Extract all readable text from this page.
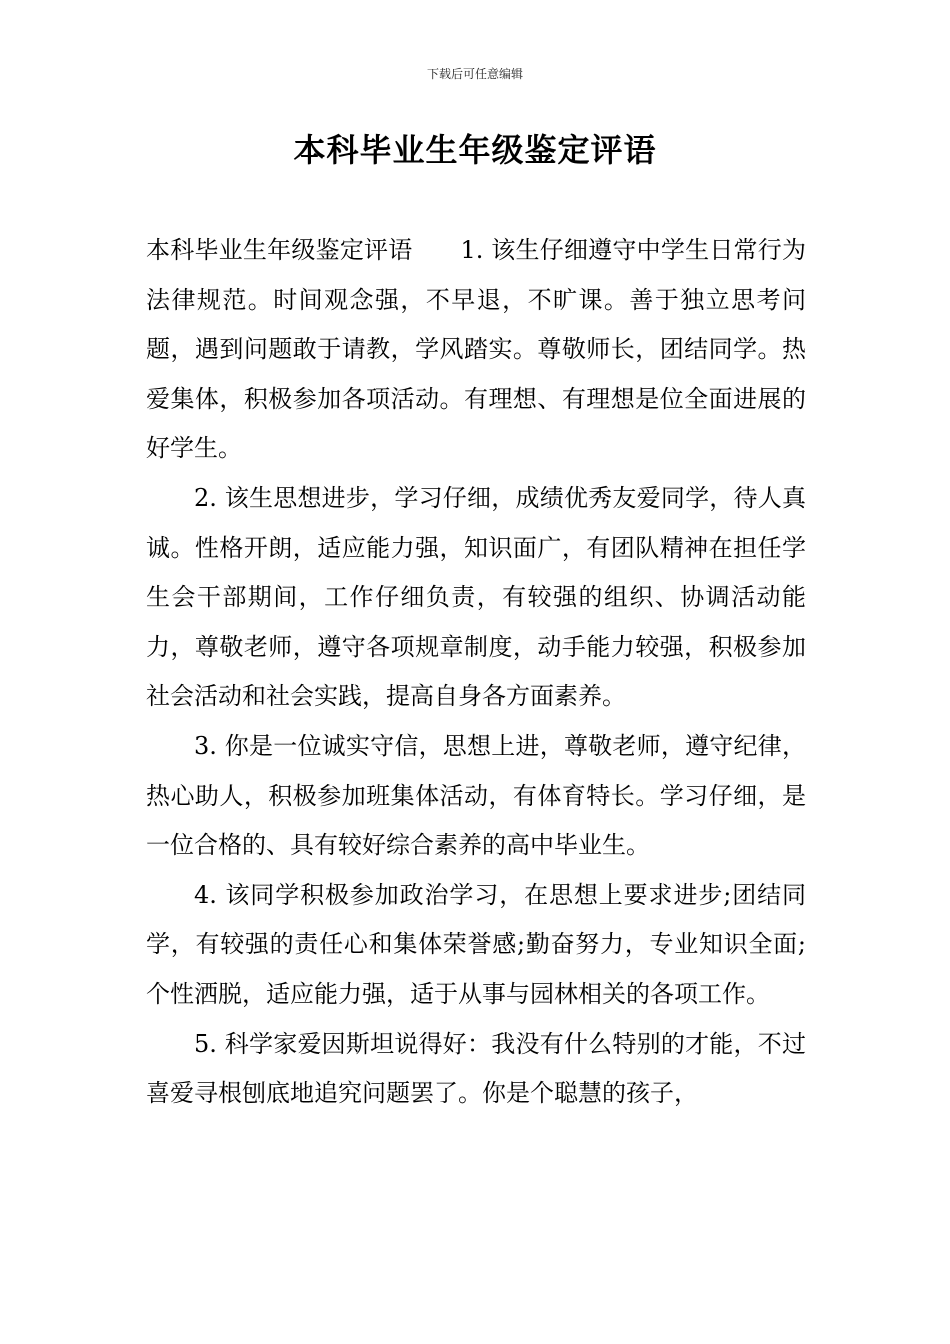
下载后可任意编辑
本科毕业生年级鉴定评语

本科毕业生年级鉴定评语 1. 该生仔细遵守中学生日常行为法律规范。时间观念强，不早退，不旷课。善于独立思考问题，遇到问题敢于请教，学风踏实。尊敬师长，团结同学。热爱集体，积极参加各项活动。有理想、有理想是位全面进展的好学生。

2. 该生思想进步，学习仔细，成绩优秀友爱同学，待人真诚。性格开朗，适应能力强，知识面广，有团队精神在担任学生会干部期间，工作仔细负责，有较强的组织、协调活动能力，尊敬老师，遵守各项规章制度，动手能力较强，积极参加社会活动和社会实践，提高自身各方面素养。

3. 你是一位诚实守信，思想上进，尊敬老师，遵守纪律，热心助人，积极参加班集体活动，有体育特长。学习仔细，是一位合格的、具有较好综合素养的高中毕业生。

4. 该同学积极参加政治学习，在思想上要求进步;团结同学，有较强的责任心和集体荣誉感;勤奋努力，专业知识全面;个性洒脱，适应能力强，适于从事与园林相关的各项工作。

5. 科学家爱因斯坦说得好：我没有什么特别的才能，不过喜爱寻根刨底地追究问题罢了。你是个聪慧的孩子，
